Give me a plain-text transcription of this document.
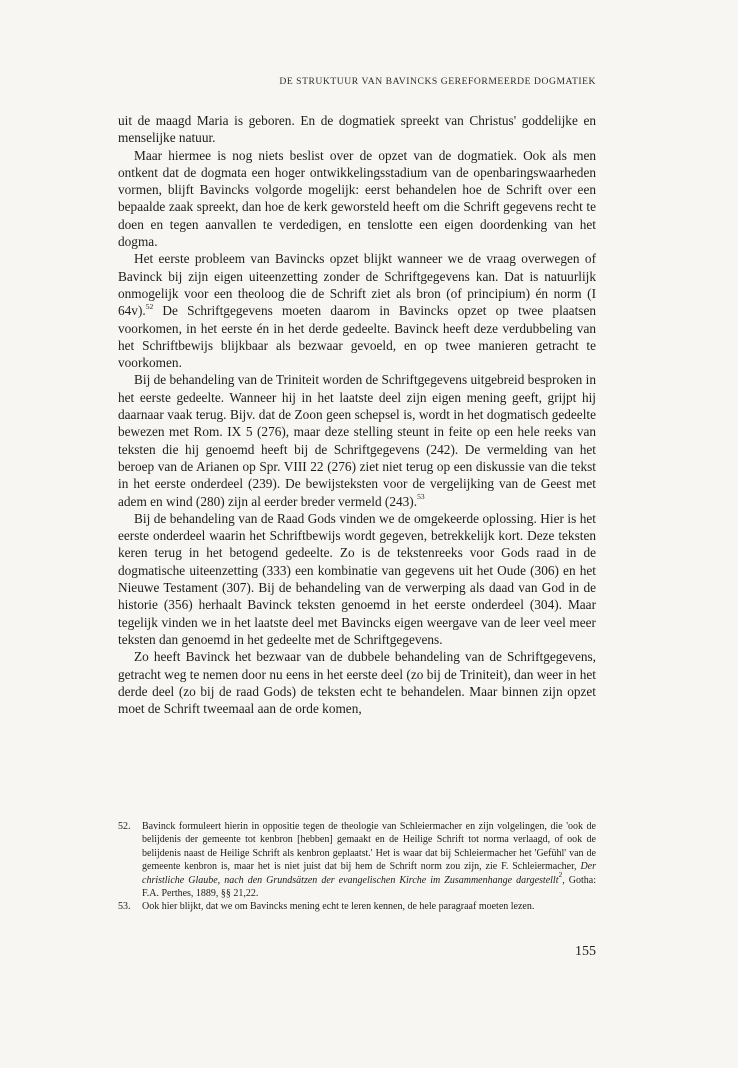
DE STRUKTUUR VAN BAVINCKS GEREFORMEERDE DOGMATIEK

uit de maagd Maria is geboren. En de dogmatiek spreekt van Christus' goddelijke en menselijke natuur.

Maar hiermee is nog niets beslist over de opzet van de dogmatiek. Ook als men ontkent dat de dogmata een hoger ontwikkelingsstadium van de openbaringswaarheden vormen, blijft Bavincks volgorde mogelijk: eerst behandelen hoe de Schrift over een bepaalde zaak spreekt, dan hoe de kerk geworsteld heeft om die Schrift gegevens recht te doen en tegen aanvallen te verdedigen, en tenslotte een eigen doordenking van het dogma.

Het eerste probleem van Bavincks opzet blijkt wanneer we de vraag overwegen of Bavinck bij zijn eigen uiteenzetting zonder de Schriftgegevens kan. Dat is natuurlijk onmogelijk voor een theoloog die de Schrift ziet als bron (of principium) én norm (I 64v).$^{52}$ De Schriftgegevens moeten daarom in Bavincks opzet op twee plaatsen voorkomen, in het eerste én in het derde gedeelte. Bavinck heeft deze verdubbeling van het Schriftbewijs blijkbaar als bezwaar gevoeld, en op twee manieren getracht te voorkomen.

Bij de behandeling van de Triniteit worden de Schriftgegevens uitgebreid besproken in het eerste gedeelte. Wanneer hij in het laatste deel zijn eigen mening geeft, grijpt hij daarnaar vaak terug. Bijv. dat de Zoon geen schepsel is, wordt in het dogmatisch gedeelte bewezen met Rom. IX 5 (276), maar deze stelling steunt in feite op een hele reeks van teksten die hij genoemd heeft bij de Schriftgegevens (242). De vermelding van het beroep van de Arianen op Spr. VIII 22 (276) ziet niet terug op een diskussie van die tekst in het eerste onderdeel (239). De bewijsteksten voor de vergelijking van de Geest met adem en wind (280) zijn al eerder breder vermeld (243).$^{53}$

Bij de behandeling van de Raad Gods vinden we de omgekeerde oplossing. Hier is het eerste onderdeel waarin het Schriftbewijs wordt gegeven, betrekkelijk kort. Deze teksten keren terug in het betogend gedeelte. Zo is de tekstenreeks voor Gods raad in de dogmatische uiteenzetting (333) een kombinatie van gegevens uit het Oude (306) en het Nieuwe Testament (307). Bij de behandeling van de verwerping als daad van God in de historie (356) herhaalt Bavinck teksten genoemd in het eerste onderdeel (304). Maar tegelijk vinden we in het laatste deel met Bavincks eigen weergave van de leer veel meer teksten dan genoemd in het gedeelte met de Schriftgegevens.

Zo heeft Bavinck het bezwaar van de dubbele behandeling van de Schriftgegevens, getracht weg te nemen door nu eens in het eerste deel (zo bij de Triniteit), dan weer in het derde deel (zo bij de raad Gods) de teksten echt te behandelen. Maar binnen zijn opzet moet de Schrift tweemaal aan de orde komen,

52.	Bavinck formuleert hierin in oppositie tegen de theologie van Schleiermacher en zijn volgelingen, die 'ook de belijdenis der gemeente tot kenbron [hebben] gemaakt en de Heilige Schrift tot norma verlaagd, of ook de belijdenis naast de Heilige Schrift als kenbron geplaatst.' Het is waar dat bij Schleiermacher het 'Gefühl' van de gemeente kenbron is, maar het is niet juist dat bij hem de Schrift norm zou zijn, zie F. Schleiermacher, Der christliche Glaube, nach den Grundsätzen der evangelischen Kirche im Zusammenhange dargestellt$^2$, Gotha: F.A. Perthes, 1889, §§ 21,22.
53.	Ook hier blijkt, dat we om Bavincks mening echt te leren kennen, de hele paragraaf moeten lezen.
155
